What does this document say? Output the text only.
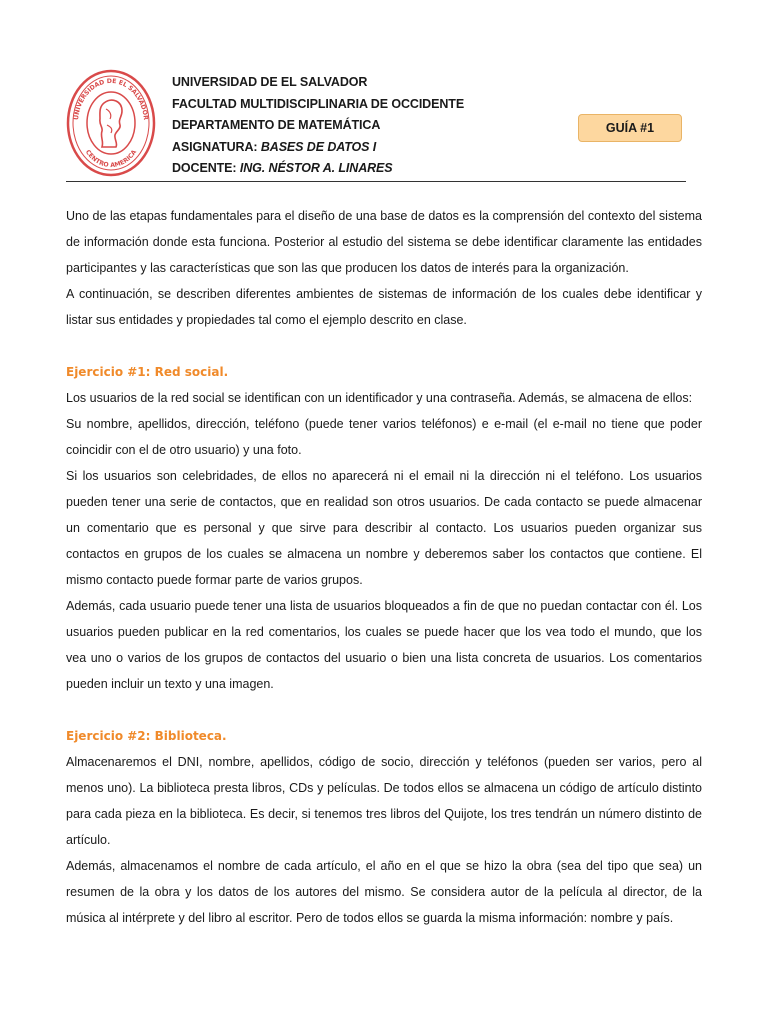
UNIVERSIDAD DE EL SALVADOR
CENTRO AMERICA
UNIVERSIDAD DE EL SALVADOR
FACULTAD MULTIDISCIPLINARIA DE OCCIDENTE
DEPARTAMENTO DE MATEMÁTICA
ASIGNATURA: BASES DE DATOS I
DOCENTE: ING. NÉSTOR A. LINARES
GUÍA #1

Uno de las etapas fundamentales para el diseño de una base de datos es la comprensión del contexto del sistema de información donde esta funciona. Posterior al estudio del sistema se debe identificar claramente las entidades participantes y las características que son las que producen los datos de interés para la organización.

A continuación, se describen diferentes ambientes de sistemas de información de los cuales debe identificar y listar sus entidades y propiedades tal como el ejemplo descrito en clase.

Ejercicio #1: Red social.

Los usuarios de la red social se identifican con un identificador y una contraseña. Además, se almacena de ellos:

Su nombre, apellidos, dirección, teléfono (puede tener varios teléfonos) e e-mail (el e-mail no tiene que poder coincidir con el de otro usuario) y una foto.

Si los usuarios son celebridades, de ellos no aparecerá ni el email ni la dirección ni el teléfono. Los usuarios pueden tener una serie de contactos, que en realidad son otros usuarios. De cada contacto se puede almacenar un comentario que es personal y que sirve para describir al contacto. Los usuarios pueden organizar sus contactos en grupos de los cuales se almacena un nombre y deberemos saber los contactos que contiene. El mismo contacto puede formar parte de varios grupos.

Además, cada usuario puede tener una lista de usuarios bloqueados a fin de que no puedan contactar con él. Los usuarios pueden publicar en la red comentarios, los cuales se puede hacer que los vea todo el mundo, que los vea uno o varios de los grupos de contactos del usuario o bien una lista concreta de usuarios. Los comentarios pueden incluir un texto y una imagen.

Ejercicio #2: Biblioteca.

Almacenaremos el DNI, nombre, apellidos, código de socio, dirección y teléfonos (pueden ser varios, pero al menos uno). La biblioteca presta libros, CDs y películas. De todos ellos se almacena un código de artículo distinto para cada pieza en la biblioteca. Es decir, si tenemos tres libros del Quijote, los tres tendrán un número distinto de artículo.

Además, almacenamos el nombre de cada artículo, el año en el que se hizo la obra (sea del tipo que sea) un resumen de la obra y los datos de los autores del mismo. Se considera autor de la película al director, de la música al intérprete y del libro al escritor. Pero de todos ellos se guarda la misma información: nombre y país.
